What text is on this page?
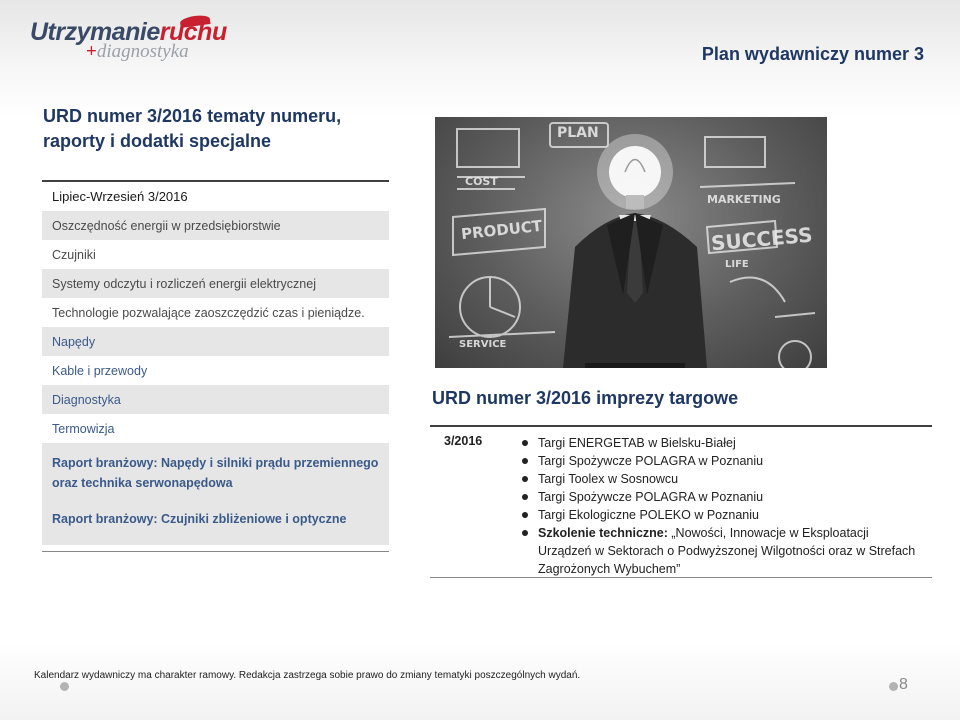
Utrzymanieruchu
+diagnostyka	Plan wydawniczy numer 3
URD numer 3/2016 tematy numeru, raporty i dodatki specjalne
Lipiec-Wrzesień 3/2016
Oszczędność energii w przedsiębiorstwie
Czujniki
Systemy odczytu i rozliczeń energii elektrycznej
Technologie pozwalające zaoszczędzić czas i pieniądze.
Napędy
Kable i przewody
Diagnostyka
Termowizja
Raport branżowy: Napędy i silniki prądu przemiennego oraz technika serwonapędowa
Raport branżowy: Czujniki zbliżeniowe i optyczne
PLAN
PRODUCT
MARKETING
SUCCESS
COST
SERVICE
LIFE
URD numer 3/2016 imprezy targowe
3/2016	Targi ENERGETAB w Bielsku-Białej
Targi Spożywcze POLAGRA w Poznaniu
Targi Toolex w Sosnowcu
Targi Spożywcze POLAGRA w Poznaniu
Targi Ekologiczne POLEKO w Poznaniu
Szkolenie techniczne: „Nowości, Innowacje w Eksploatacji Urządzeń w Sektorach o Podwyższonej Wilgotności oraz w Strefach Zagrożonych Wybuchem”
Kalendarz wydawniczy ma charakter ramowy. Redakcja zastrzega sobie prawo do zmiany tematyki poszczególnych wydań.
8
